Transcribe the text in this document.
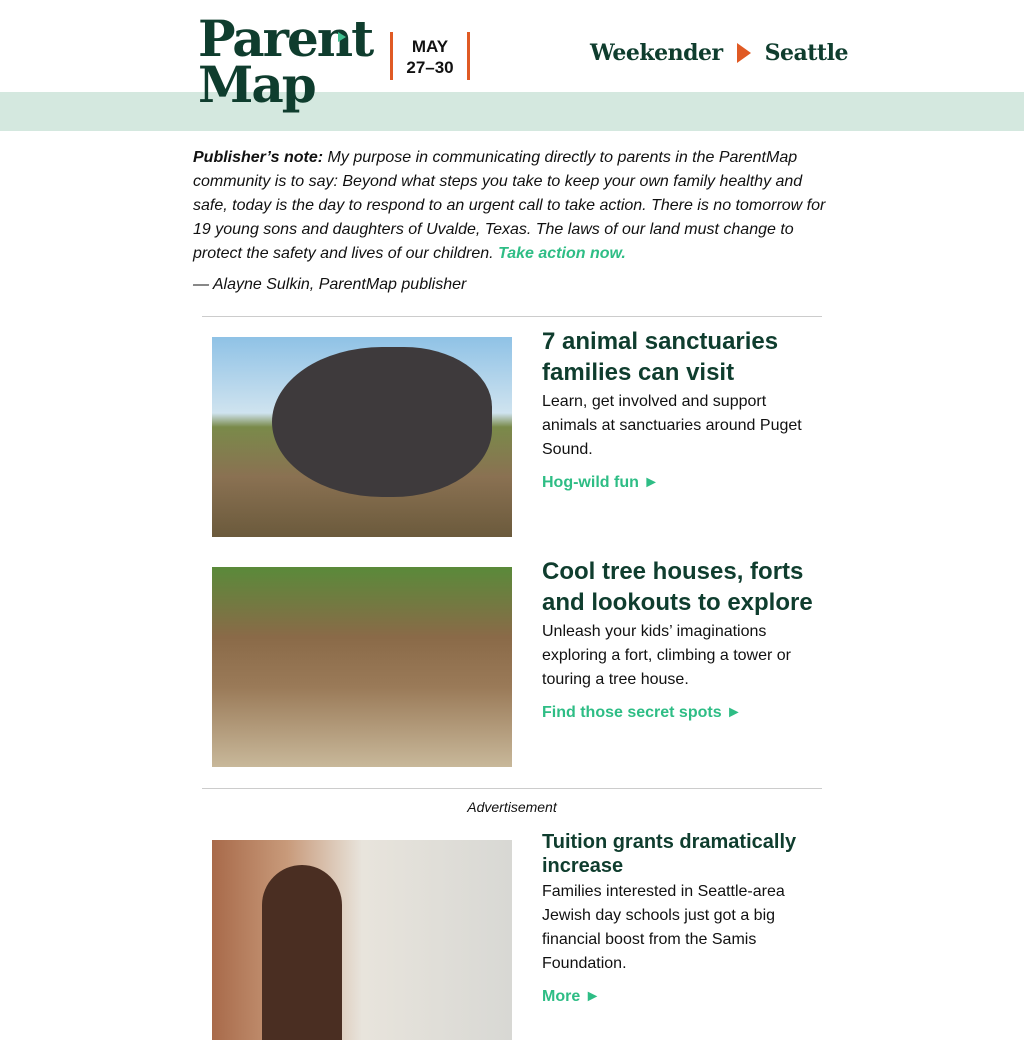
Parent
Map
MAY
27–30
Weekender Seattle
Publisher’s note: My purpose in communicating directly to parents in the ParentMap community is to say: Beyond what steps you take to keep your own family healthy and safe, today is the day to respond to an urgent call to take action. There is no tomorrow for 19 young sons and daughters of Uvalde, Texas. The laws of our land must change to protect the safety and lives of our children. Take action now.
— Alayne Sulkin, ParentMap publisher
7 animal sanctuaries families can visit

Learn, get involved and support animals at sanctuaries around Puget Sound.

Hog-wild fun ►
Cool tree houses, forts and lookouts to explore

Unleash your kids’ imaginations exploring a fort, climbing a tower or touring a tree house.

Find those secret spots ►
Advertisement
Tuition grants dramatically increase

Families interested in Seattle-area Jewish day schools just got a big financial boost from the Samis Foundation.

More ►
